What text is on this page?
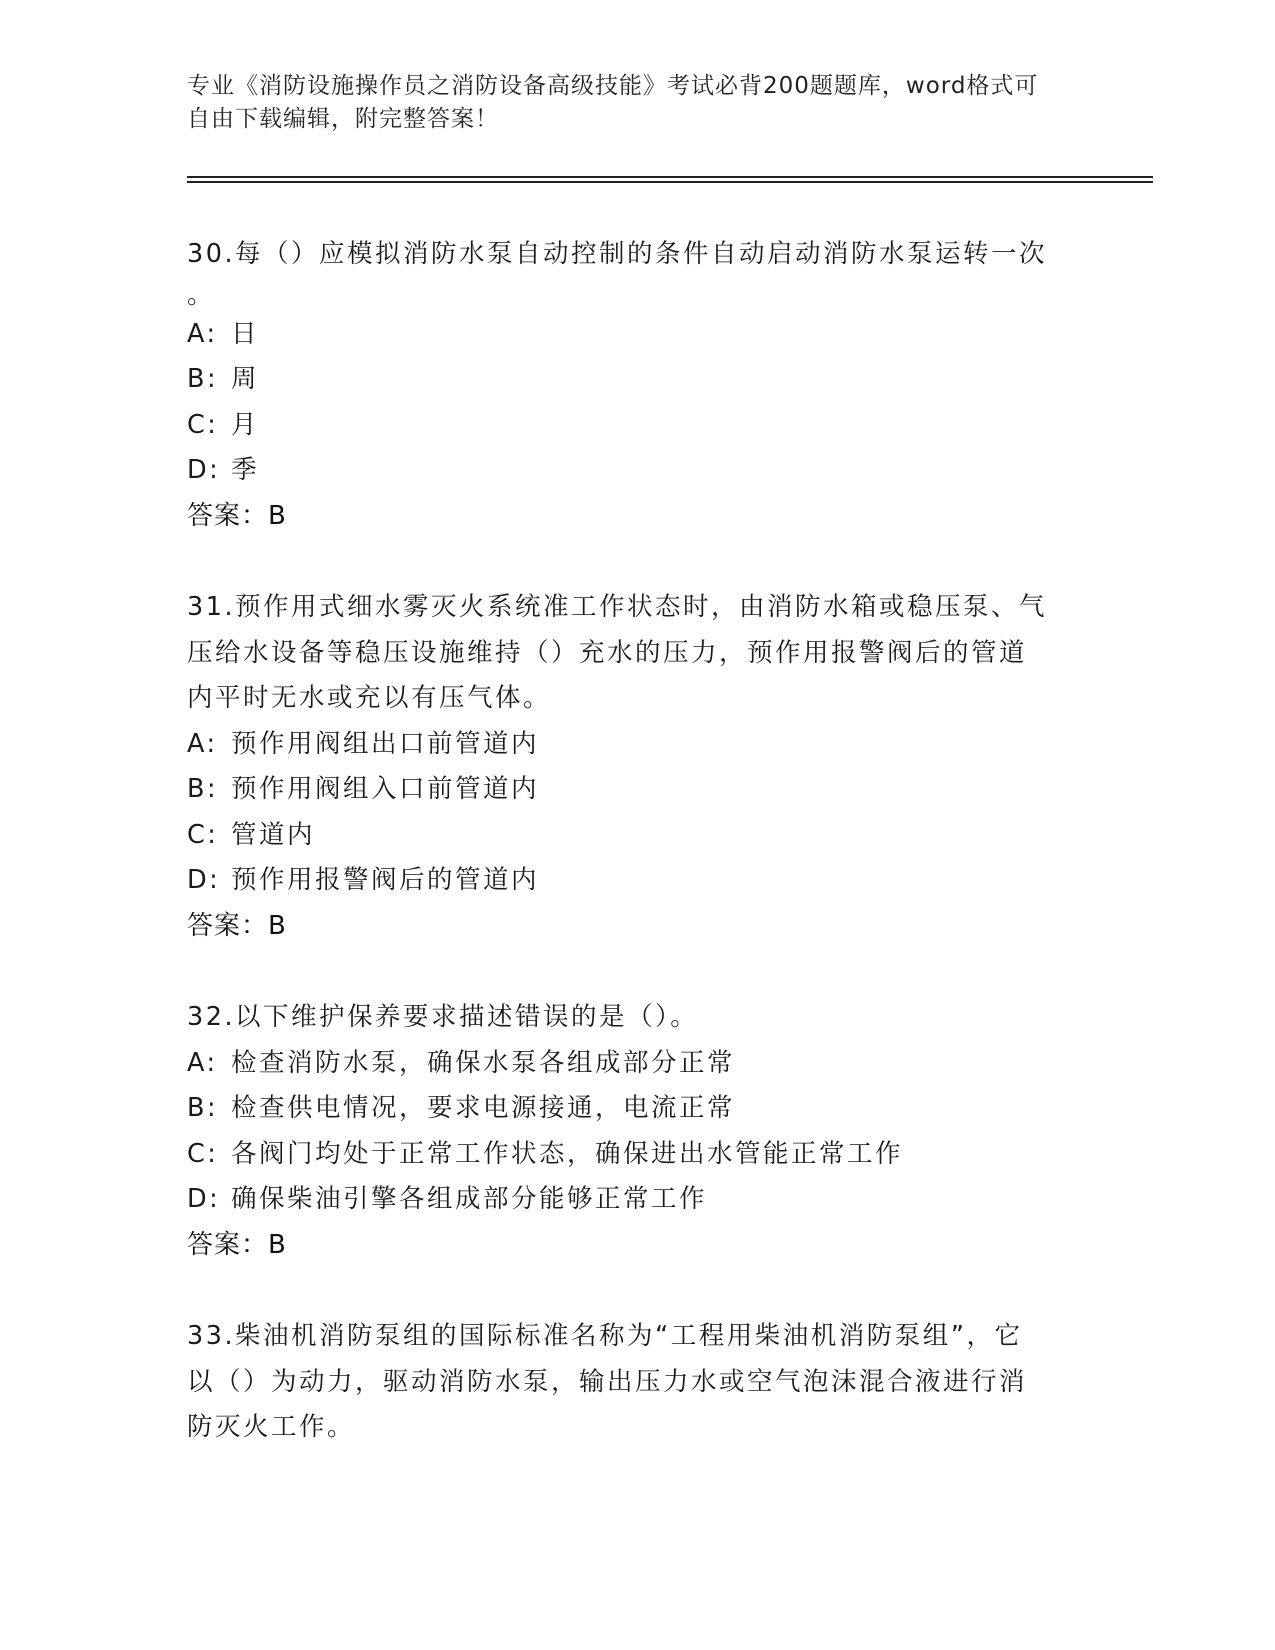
专业《消防设施操作员之消防设备高级技能》考试必背200题题库，word格式可
自由下载编辑，附完整答案！
30.每（）应模拟消防水泵自动控制的条件自动启动消防水泵运转一次
。
A: 日
B: 周
C: 月
D: 季
答案：B
31.预作用式细水雾灭火系统准工作状态时，由消防水箱或稳压泵、气
压给水设备等稳压设施维持（）充水的压力，预作用报警阀后的管道
内平时无水或充以有压气体。
A: 预作用阀组出口前管道内
B: 预作用阀组入口前管道内
C: 管道内
D: 预作用报警阀后的管道内
答案：B
32.以下维护保养要求描述错误的是（）。
A: 检查消防水泵，确保水泵各组成部分正常
B: 检查供电情况，要求电源接通，电流正常
C: 各阀门均处于正常工作状态，确保进出水管能正常工作
D: 确保柴油引擎各组成部分能够正常工作
答案：B
33.柴油机消防泵组的国际标准名称为“工程用柴油机消防泵组”，它
以（）为动力，驱动消防水泵，输出压力水或空气泡沫混合液进行消
防灭火工作。
